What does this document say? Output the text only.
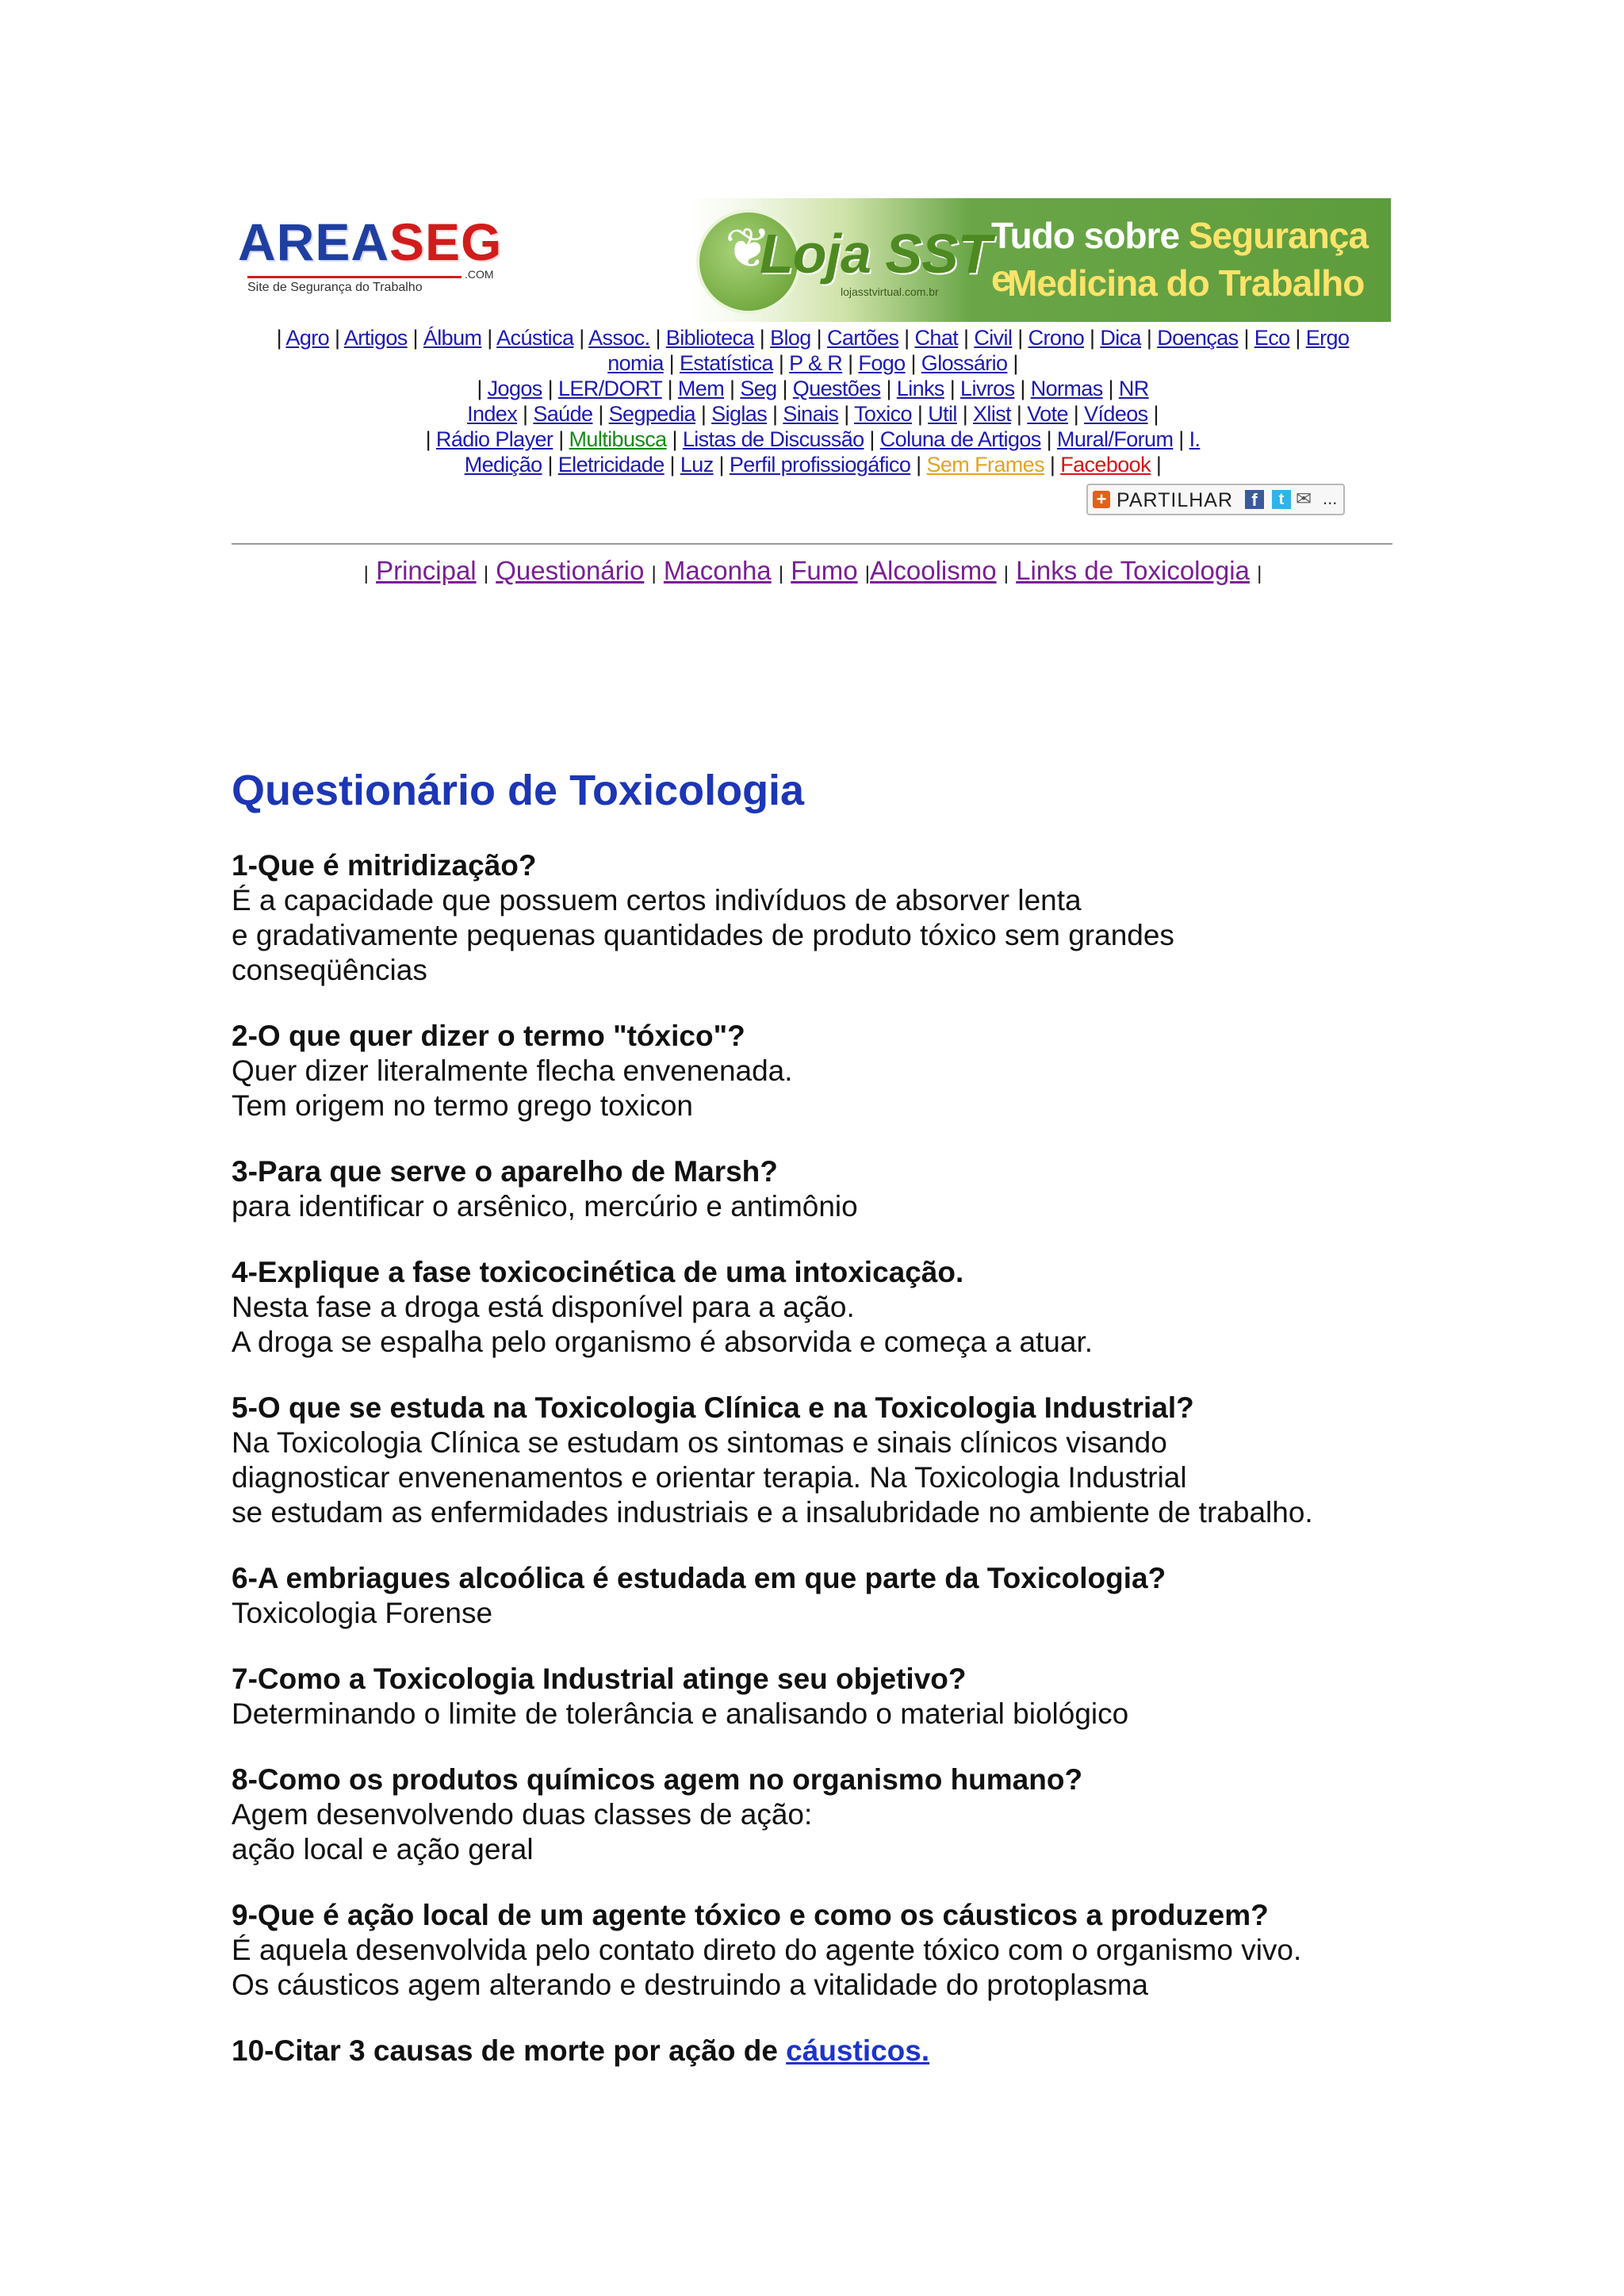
AREASEG
.COM
Site de Segurança do Trabalho
❦
Loja SST
lojasstvirtual.com.br
Tudo sobre Segurança e
Medicina do Trabalho
| Agro | Artigos | Álbum | Acústica | Assoc. | Biblioteca | Blog | Cartões | Chat | Civil | Crono | Dica | Doenças | Eco | Ergo
nomia | Estatística | P & R | Fogo | Glossário |
| Jogos | LER/DORT | Mem | Seg | Questões | Links | Livros | Normas | NR
Index | Saúde | Segpedia | Siglas | Sinais | Toxico | Util | Xlist | Vote | Vídeos |
| Rádio Player | Multibusca | Listas de Discussão | Coluna de Artigos | Mural/Forum | I.
Medição | Eletricidade | Luz | Perfil profissiogáfico | Sem Frames | Facebook |
+ PARTILHAR	f	t ✉ ...
| Principal | Questionário | Maconha | Fumo |Alcoolismo | Links de Toxicologia |
Questionário de Toxicologia

1-Que é mitridização?

É a capacidade que possuem certos indivíduos de absorver lenta

e gradativamente pequenas quantidades de produto tóxico sem grandes

conseqüências

2-O que quer dizer o termo "tóxico"?

Quer dizer literalmente flecha envenenada.

Tem origem no termo grego toxicon

3-Para que serve o aparelho de Marsh?

para identificar o arsênico, mercúrio e antimônio

4-Explique a fase toxicocinética de uma intoxicação.

Nesta fase a droga está disponível para a ação.

A droga se espalha pelo organismo é absorvida e começa a atuar.

5-O que se estuda na Toxicologia Clínica e na Toxicologia Industrial?

Na Toxicologia Clínica se estudam os sintomas e sinais clínicos visando

diagnosticar envenenamentos e orientar terapia. Na Toxicologia Industrial

se estudam as enfermidades industriais e a insalubridade no ambiente de trabalho.

6-A embriagues alcoólica é estudada em que parte da Toxicologia?

Toxicologia Forense

7-Como a Toxicologia Industrial atinge seu objetivo?

Determinando o limite de tolerância e analisando o material biológico

8-Como os produtos químicos agem no organismo humano?

Agem desenvolvendo duas classes de ação:

ação local e ação geral

9-Que é ação local de um agente tóxico e como os cáusticos a produzem?

É aquela desenvolvida pelo contato direto do agente tóxico com o organismo vivo.

Os cáusticos agem alterando e destruindo a vitalidade do protoplasma

10-Citar 3 causas de morte por ação de cáusticos.
